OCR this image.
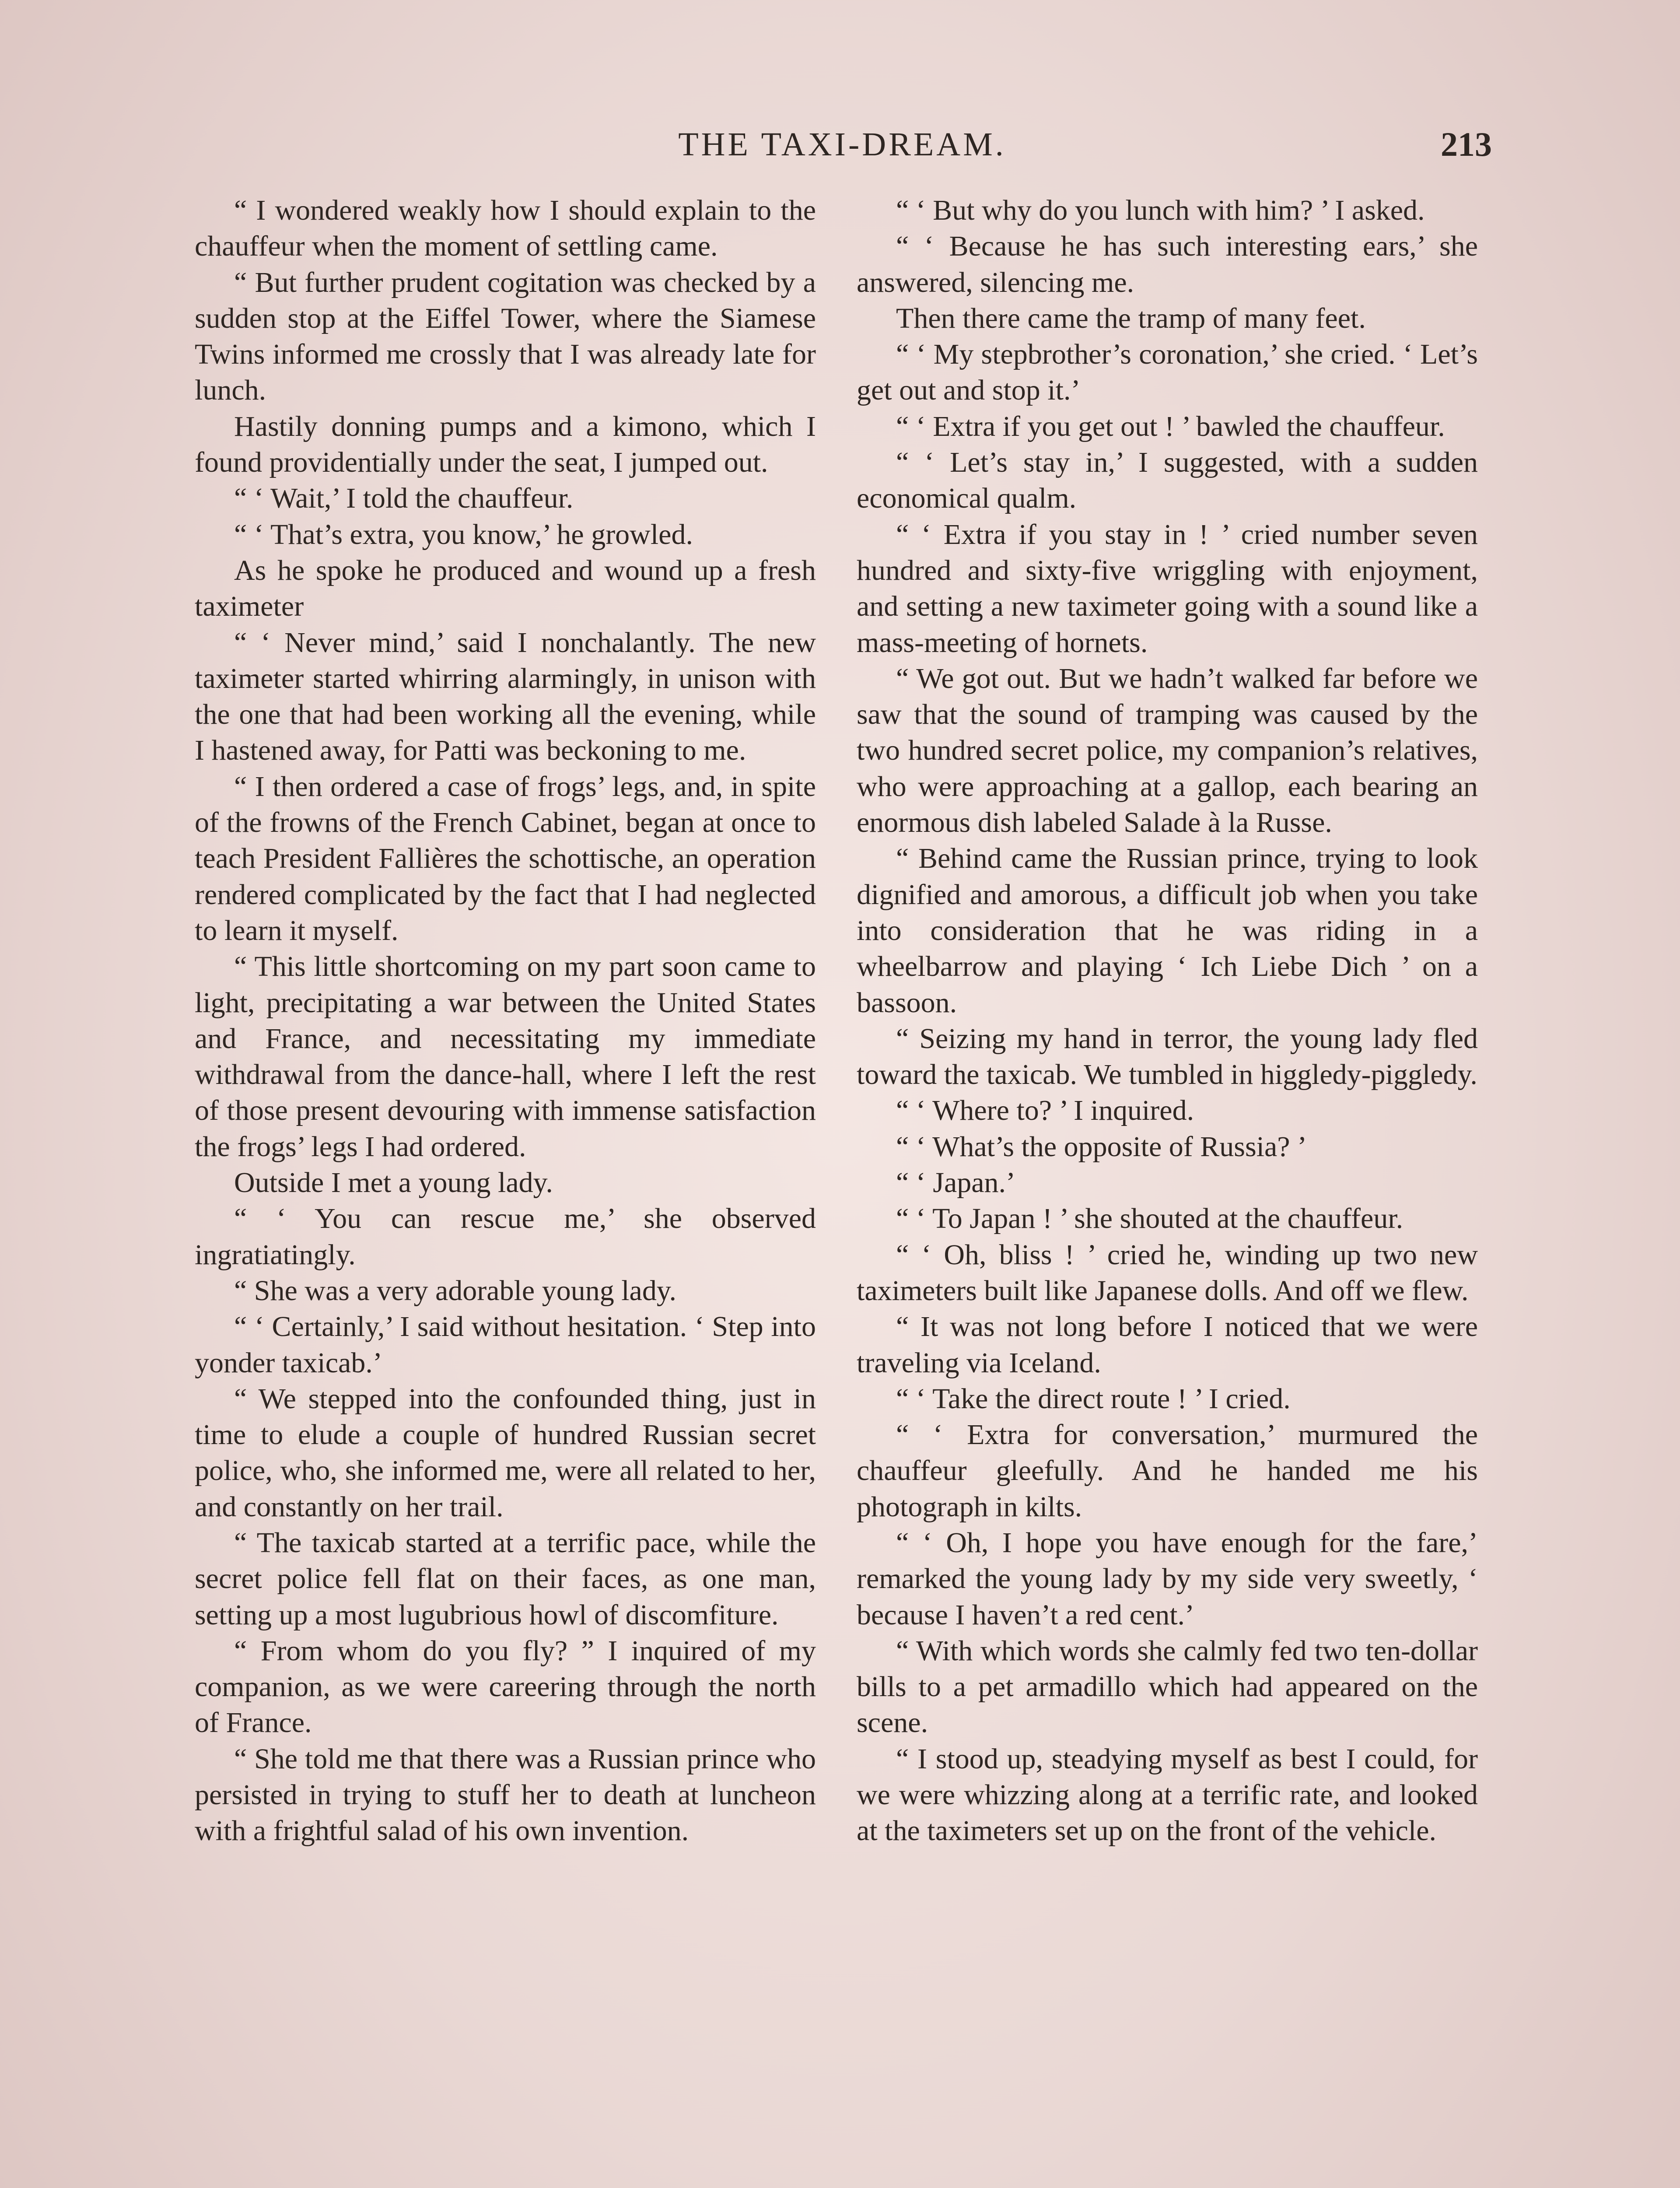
THE TAXI-DREAM.	213

“ I wondered weakly how I should explain to the chauffeur when the moment of settling came.

“ But further prudent cogitation was checked by a sudden stop at the Eiffel Tower, where the Siamese Twins informed me crossly that I was already late for lunch.

Hastily donning pumps and a kimono, which I found providentially under the seat, I jumped out.

“ ‘ Wait,’ I told the chauffeur.

“ ‘ That’s extra, you know,’ he growled.

As he spoke he produced and wound up a fresh taximeter

“ ‘ Never mind,’ said I nonchalantly. The new taximeter started whirring alarmingly, in unison with the one that had been working all the evening, while I hastened away, for Patti was beckoning to me.

“ I then ordered a case of frogs’ legs, and, in spite of the frowns of the French Cabinet, began at once to teach President Fallières the schottische, an operation rendered complicated by the fact that I had neglected to learn it myself.

“ This little shortcoming on my part soon came to light, precipitating a war between the United States and France, and necessitating my immediate withdrawal from the dance-hall, where I left the rest of those present devouring with immense satisfaction the frogs’ legs I had ordered.

Outside I met a young lady.

“ ‘ You can rescue me,’ she observed ingratiatingly.

“ She was a very adorable young lady.

“ ‘ Certainly,’ I said without hesitation. ‘ Step into yonder taxicab.’

“ We stepped into the confounded thing, just in time to elude a couple of hundred Russian secret police, who, she informed me, were all related to her, and constantly on her trail.

“ The taxicab started at a terrific pace, while the secret police fell flat on their faces, as one man, setting up a most lugubrious howl of discomfiture.

“ From whom do you fly? ” I inquired of my companion, as we were careering through the north of France.

“ She told me that there was a Russian prince who persisted in trying to stuff her to death at luncheon with a frightful salad of his own invention.

“ ‘ But why do you lunch with him? ’ I asked.

“ ‘ Because he has such interesting ears,’ she answered, silencing me.

Then there came the tramp of many feet.

“ ‘ My stepbrother’s coronation,’ she cried. ‘ Let’s get out and stop it.’

“ ‘ Extra if you get out ! ’ bawled the chauffeur.

“ ‘ Let’s stay in,’ I suggested, with a sudden economical qualm.

“ ‘ Extra if you stay in ! ’ cried number seven hundred and sixty-five wriggling with enjoyment, and setting a new taximeter going with a sound like a mass-meeting of hornets.

“ We got out. But we hadn’t walked far before we saw that the sound of tramping was caused by the two hundred secret police, my companion’s relatives, who were approaching at a gallop, each bearing an enormous dish labeled Salade à la Russe.

“ Behind came the Russian prince, trying to look dignified and amorous, a difficult job when you take into consideration that he was riding in a wheelbarrow and playing ‘ Ich Liebe Dich ’ on a bassoon.

“ Seizing my hand in terror, the young lady fled toward the taxicab. We tumbled in higgledy-piggledy.

“ ‘ Where to? ’ I inquired.

“ ‘ What’s the opposite of Russia? ’

“ ‘ Japan.’

“ ‘ To Japan ! ’ she shouted at the chauffeur.

“ ‘ Oh, bliss ! ’ cried he, winding up two new taximeters built like Japanese dolls. And off we flew.

“ It was not long before I noticed that we were traveling via Iceland.

“ ‘ Take the direct route ! ’ I cried.

“ ‘ Extra for conversation,’ murmured the chauffeur gleefully. And he handed me his photograph in kilts.

“ ‘ Oh, I hope you have enough for the fare,’ remarked the young lady by my side very sweetly, ‘ because I haven’t a red cent.’

“ With which words she calmly fed two ten-dollar bills to a pet armadillo which had appeared on the scene.

“ I stood up, steadying myself as best I could, for we were whizzing along at a terrific rate, and looked at the taximeters set up on the front of the vehicle.
